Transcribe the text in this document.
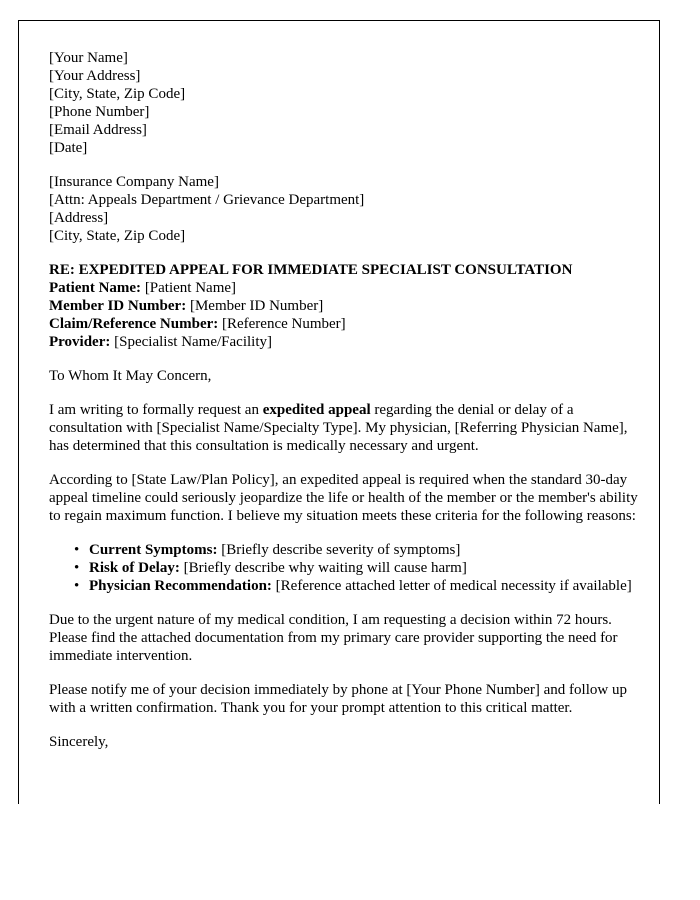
[Your Name]
[Your Address]
[City, State, Zip Code]
[Phone Number]
[Email Address]
[Date]
[Insurance Company Name]
[Attn: Appeals Department / Grievance Department]
[Address]
[City, State, Zip Code]
RE: EXPEDITED APPEAL FOR IMMEDIATE SPECIALIST CONSULTATION
Patient Name: [Patient Name]
Member ID Number: [Member ID Number]
Claim/Reference Number: [Reference Number]
Provider: [Specialist Name/Facility]

To Whom It May Concern,

I am writing to formally request an expedited appeal regarding the denial or delay of a consultation with [Specialist Name/Specialty Type]. My physician, [Referring Physician Name], has determined that this consultation is medically necessary and urgent.

According to [State Law/Plan Policy], an expedited appeal is required when the standard 30-day appeal timeline could seriously jeopardize the life or health of the member or the member's ability to regain maximum function. I believe my situation meets these criteria for the following reasons:

• Current Symptoms: [Briefly describe severity of symptoms]
• Risk of Delay: [Briefly describe why waiting will cause harm]
• Physician Recommendation: [Reference attached letter of medical necessity if available]

Due to the urgent nature of my medical condition, I am requesting a decision within 72 hours. Please find the attached documentation from my primary care provider supporting the need for immediate intervention.

Please notify me of your decision immediately by phone at [Your Phone Number] and follow up with a written confirmation. Thank you for your prompt attention to this critical matter.

Sincerely,
